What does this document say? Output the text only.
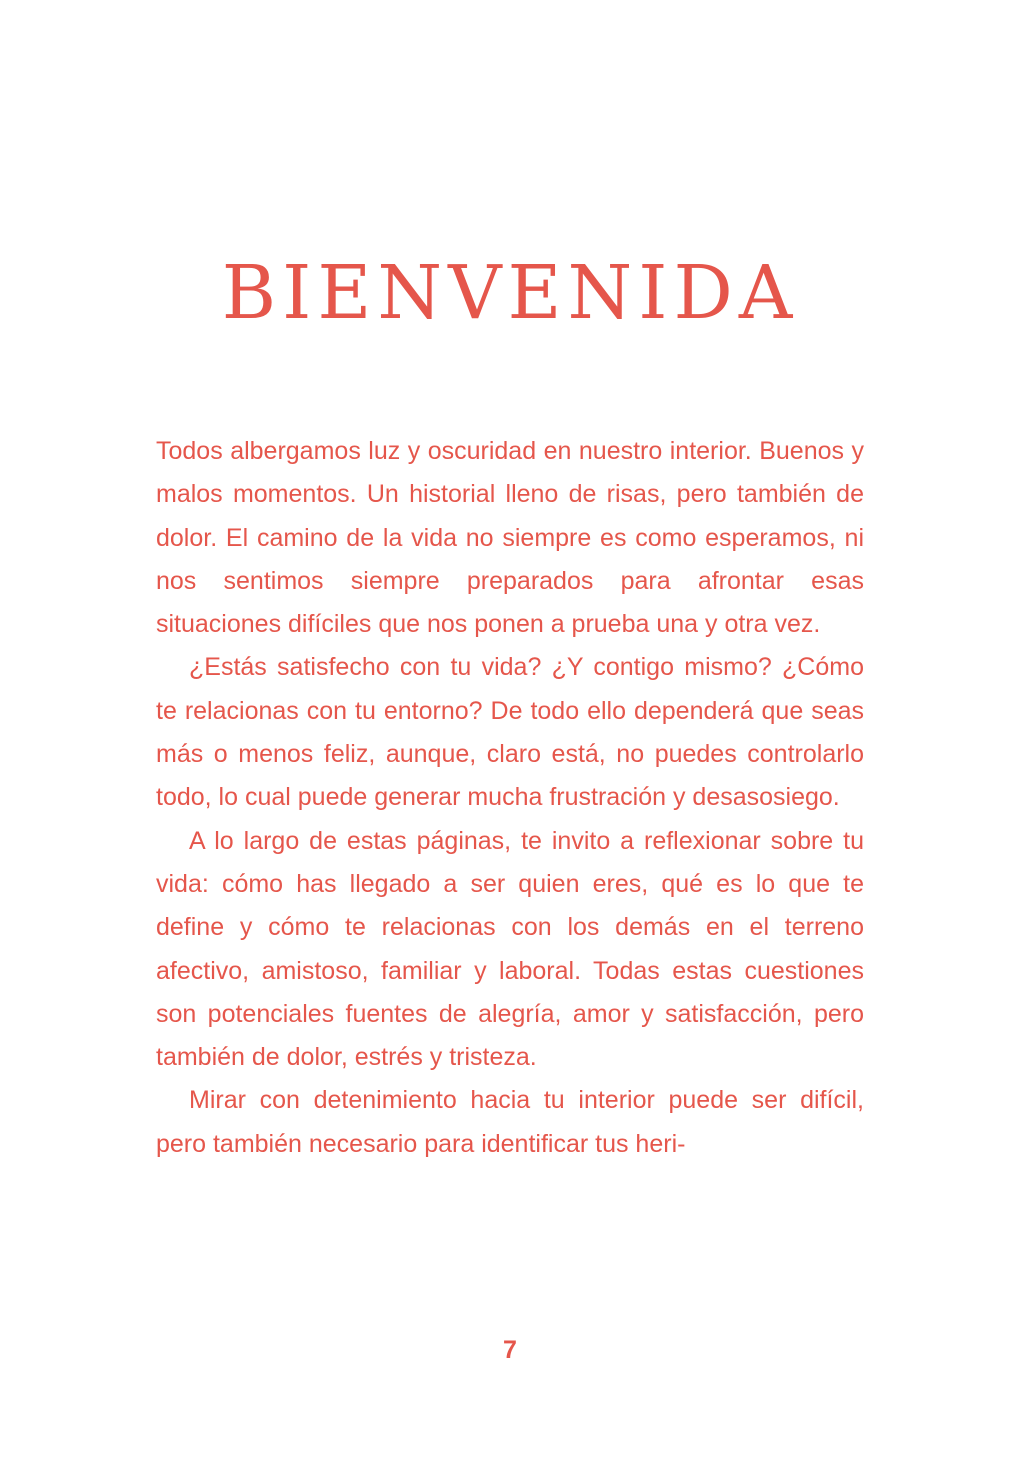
BIENVENIDA

Todos albergamos luz y oscuridad en nuestro interior. Buenos y malos momentos. Un historial lleno de risas, pero también de dolor. El camino de la vida no siempre es como esperamos, ni nos sentimos siempre preparados para afrontar esas situaciones difíciles que nos ponen a prueba una y otra vez.

¿Estás satisfecho con tu vida? ¿Y contigo mismo? ¿Cómo te relacionas con tu entorno? De todo ello dependerá que seas más o menos feliz, aunque, claro está, no puedes controlarlo todo, lo cual puede generar mucha frustración y desasosiego.

A lo largo de estas páginas, te invito a reflexionar sobre tu vida: cómo has llegado a ser quien eres, qué es lo que te define y cómo te relacionas con los demás en el terreno afectivo, amistoso, familiar y laboral. Todas estas cuestiones son potenciales fuentes de alegría, amor y satisfacción, pero también de dolor, estrés y tristeza.

Mirar con detenimiento hacia tu interior puede ser difícil, pero también necesario para identificar tus heri-

7
